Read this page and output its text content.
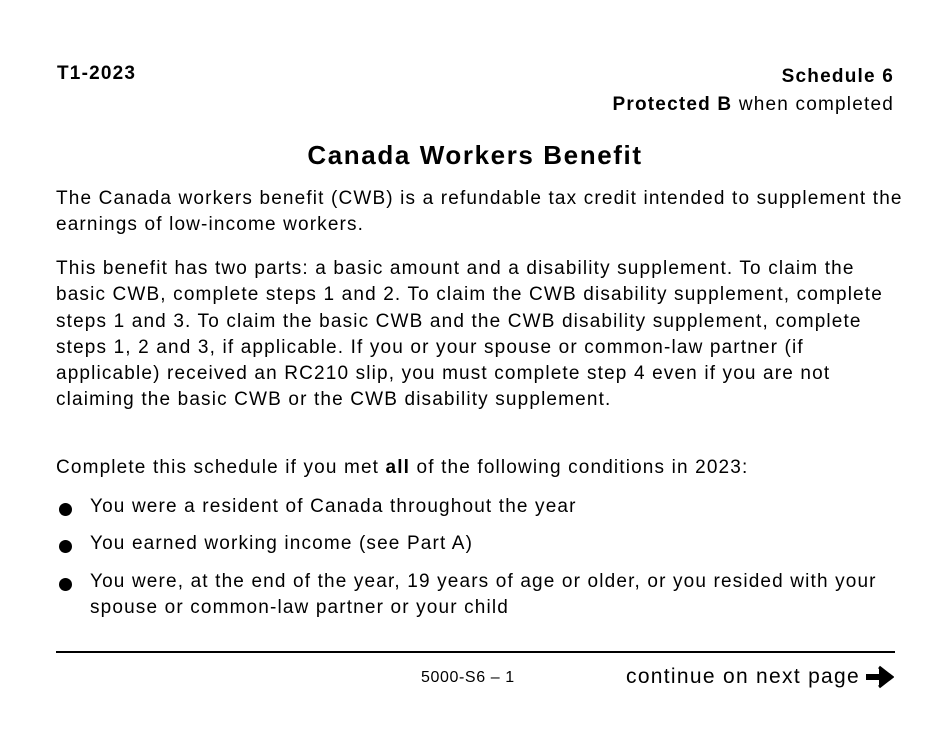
T1-2023	Schedule 6
Protected B when completed
Canada Workers Benefit

The Canada workers benefit (CWB) is a refundable tax credit intended to supplement the earnings of low-income workers.

This benefit has two parts: a basic amount and a disability supplement. To claim the basic CWB, complete steps 1 and 2. To claim the CWB disability supplement, complete steps 1 and 3. To claim the basic CWB and the CWB disability supplement, complete steps 1, 2 and 3, if applicable. If you or your spouse or common-law partner (if applicable) received an RC210 slip, you must complete step 4 even if you are not claiming the basic CWB or the CWB disability supplement.

Complete this schedule if you met all of the following conditions in 2023:

You were a resident of Canada throughout the year
You earned working income (see Part A)
You were, at the end of the year, 19 years of age or older, or you resided with your spouse or common-law partner or your child
5000-S6 – 1	continue on next page
